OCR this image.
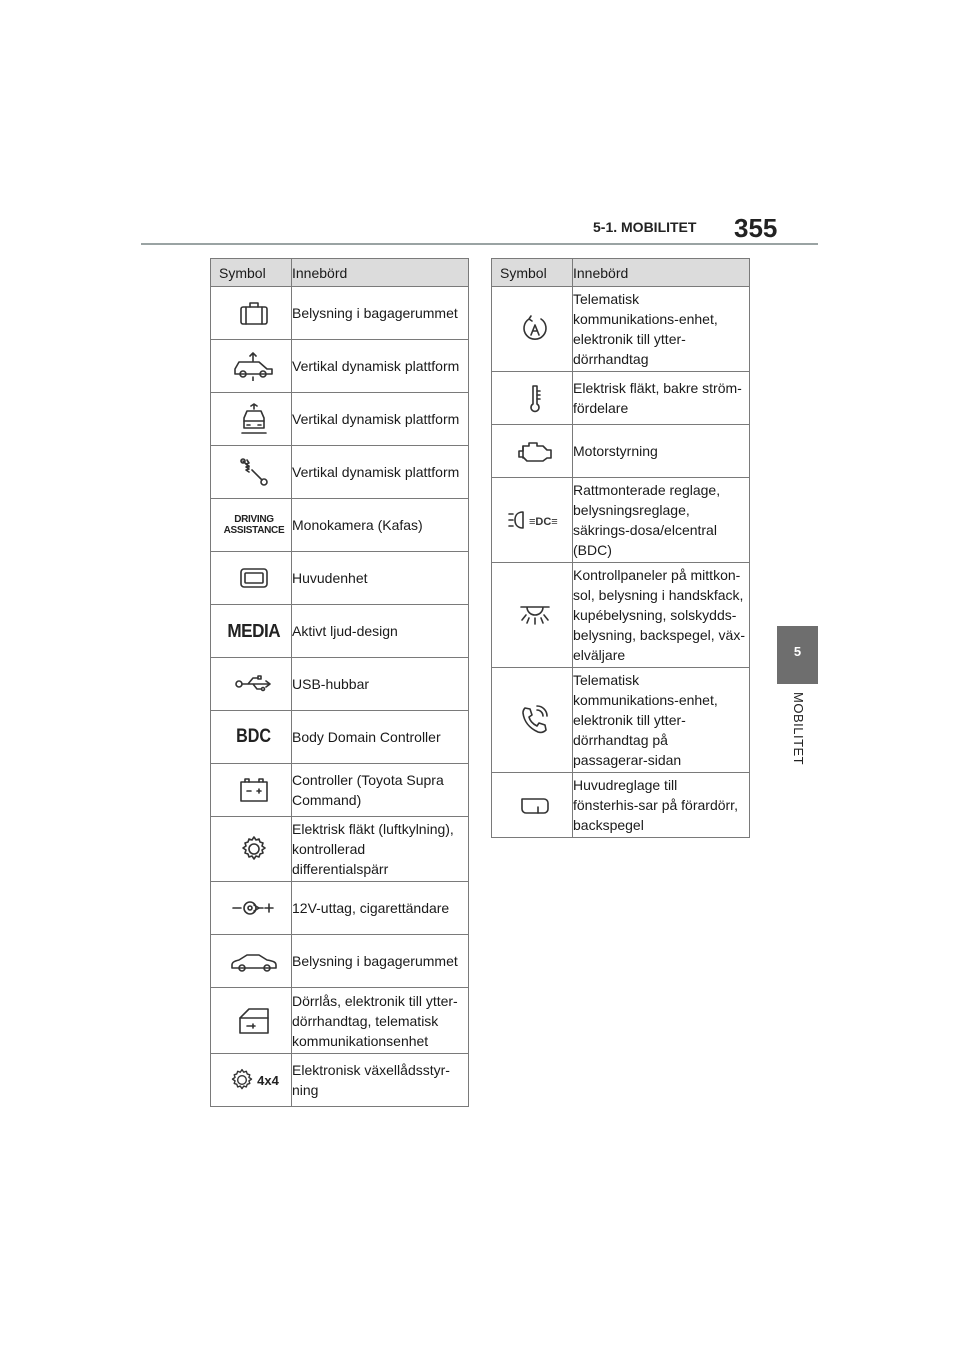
5-1. MOBILITET 355
5
MOBILITET
Symbol	Innebörd

	Belysning i bagagerummet

	Vertikal dynamisk plattform

	Vertikal dynamisk plattform

	Vertikal dynamisk plattform

DRIVING
ASSISTANCE	Monokamera (Kafas)

	Huvudenhet
MEDIA	Aktivt ljud-design

	USB-hubbar
BDC	Body Domain Controller

	Controller (Toyota Supra Command)

	Elektrisk fläkt (luftkylning), kontrollerad differentialspärr

	12V-uttag, cigarettändare

	Belysning i bagagerummet

	Dörrlås, elektronik till ytter-dörrhandtag, telematisk kommunikationsenhet

4x4	Elektronisk växellådsstyr-ning
Symbol	Innebörd

	Telematisk kommunikations-enhet, elektronik till ytter-dörrhandtag

	Elektrisk fläkt, bakre ström-fördelare

	Motorstyrning

≡DC≡	Rattmonterade reglage, belysningsreglage, säkrings-dosa/elcentral (BDC)

	Kontrollpaneler på mittkon-sol, belysning i handskfack, kupébelysning, solskydds-belysning, backspegel, väx-elväljare

	Telematisk kommunikations-enhet, elektronik till ytter-dörrhandtag på passagerar-sidan

	Huvudreglage till fönsterhis-sar på förardörr, backspegel
